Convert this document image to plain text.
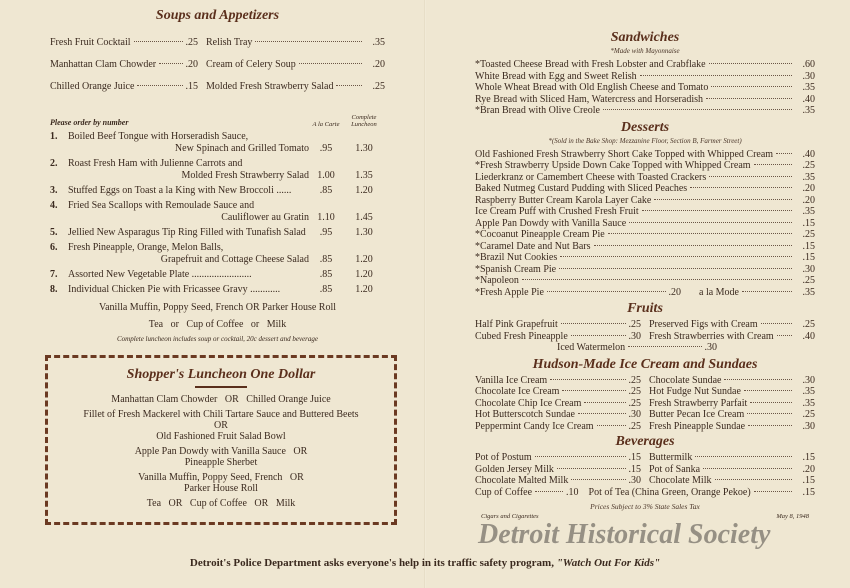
Soups and Appetizers
Fresh Fruit Cocktail	.25 Relish Tray	.35
Manhattan Clam Chowder	.20 Cream of Celery Soup	.20
Chilled Orange Juice	.15 Molded Fresh Strawberry Salad	.25
Please order by number	A la Carte
Complete Luncheon
1.	Boiled Beef Tongue with Horseradish Sauce,
New Spinach and Grilled Tomato	.95	1.30
2.	Roast Fresh Ham with Julienne Carrots and
Molded Fresh Strawberry Salad 1.00	1.35
3.	Stuffed Eggs on Toast a la King with New Broccoli ......	.85	1.20
4.	Fried Sea Scallops with Remoulade Sauce and
Cauliflower au Gratin 1.10	1.45
5.	Jellied New Asparagus Tip Ring Filled with Tunafish Salad	.95	1.30
6.	Fresh Pineapple, Orange, Melon Balls,
Grapefruit and Cottage Cheese Salad	.85	1.20
7.	Assorted New Vegetable Plate ........................	.85	1.20
8.	Individual Chicken Pie with Fricassee Gravy ............	.85	1.20
Vanilla Muffin, Poppy Seed, French OR Parker House Roll
Tea   or   Cup of Coffee   or   Milk
Complete luncheon includes soup or cocktail, 20c dessert and beverage
Shopper's Luncheon One Dollar
Manhattan Clam Chowder   OR   Chilled Orange Juice
Fillet of Fresh Mackerel with Chili Tartare Sauce and Buttered Beets
OR
Old Fashioned Fruit Salad Bowl
Apple Pan Dowdy with Vanilla Sauce   OR
Pineapple Sherbet
Vanilla Muffin, Poppy Seed, French   OR
Parker House Roll
Tea   OR   Cup of Coffee   OR   Milk
Sandwiches
*Made with Mayonnaise
*Toasted Cheese Bread with Fresh Lobster and Crabflake	.60
White Bread with Egg and Sweet Relish	.30
Whole Wheat Bread with Old English Cheese and Tomato	.35
Rye Bread with Sliced Ham, Watercress and Horseradish	.40
*Bran Bread with Olive Creole	.35
Desserts
*(Sold in the Bake Shop: Mezzanine Floor, Section B, Farmer Street)
Old Fashioned Fresh Strawberry Short Cake Topped with Whipped Cream	.40
*Fresh Strawberry Upside Down Cake Topped with Whipped Cream	.25
Liederkranz or Camembert Cheese with Toasted Crackers	.35
Baked Nutmeg Custard Pudding with Sliced Peaches	.20
Raspberry Butter Cream Karola Layer Cake	.20
Ice Cream Puff with Crushed Fresh Fruit	.35
Apple Pan Dowdy with Vanilla Sauce	.15
*Cocoanut Pineapple Cream Pie	.25
*Caramel Date and Nut Bars	.15
*Brazil Nut Cookies	.15
*Spanish Cream Pie	.30
*Napoleon	.25
*Fresh Apple Pie	.20 a la Mode	.35
Fruits
Half Pink Grapefruit	.25 Preserved Figs with Cream	.25
Cubed Fresh Pineapple	.30 Fresh Strawberries with Cream	.40
Iced Watermelon	.30
Hudson-Made Ice Cream and Sundaes
Vanilla Ice Cream	.25 Chocolate Sundae	.30
Chocolate Ice Cream	.25 Hot Fudge Nut Sundae	.35
Chocolate Chip Ice Cream	.25 Fresh Strawberry Parfait	.35
Hot Butterscotch Sundae	.30 Butter Pecan Ice Cream	.25
Peppermint Candy Ice Cream	.25 Fresh Pineapple Sundae	.30
Beverages
Pot of Postum	.15 Buttermilk	.15
Golden Jersey Milk	.15 Pot of Sanka	.20
Chocolate Malted Milk	.30 Chocolate Milk	.15
Cup of Coffee	.10 Pot of Tea (China Green, Orange Pekoe)	.15
Prices Subject to 3% State Sales Tax
Cigars and Cigarettes	May 8, 1948
Detroit Historical Society
Detroit's Police Department asks everyone's help in its traffic safety program, "Watch Out For Kids"
